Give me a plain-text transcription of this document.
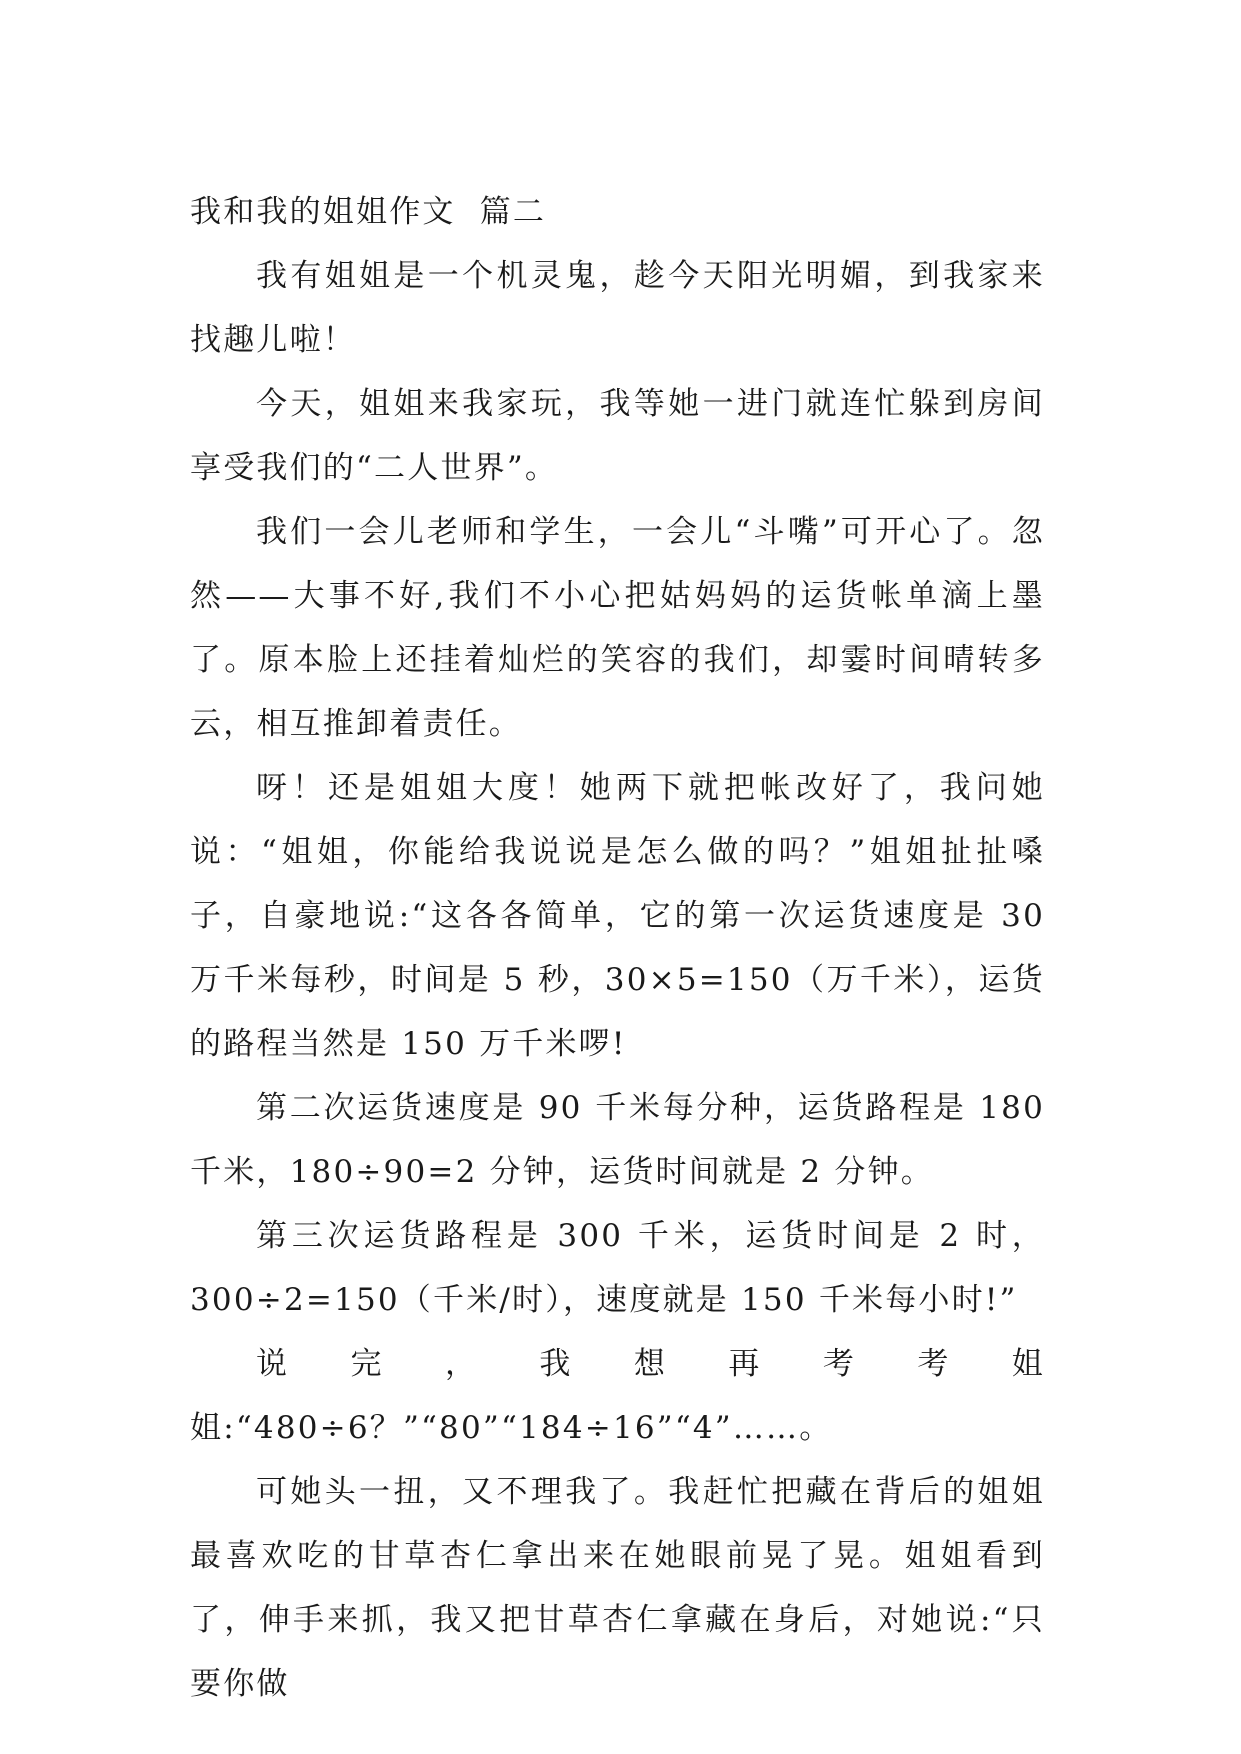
我和我的姐姐作文  篇二

我有姐姐是一个机灵鬼，趁今天阳光明媚，到我家来找趣儿啦！

今天，姐姐来我家玩，我等她一进门就连忙躲到房间享受我们的“二人世界”。

我们一会儿老师和学生，一会儿“斗嘴”可开心了。忽然——大事不好,我们不小心把姑妈妈的运货帐单滴上墨了。原本脸上还挂着灿烂的笑容的我们，却霎时间晴转多云，相互推卸着责任。

呀！还是姐姐大度！她两下就把帐改好了，我问她说：“姐姐，你能给我说说是怎么做的吗？”姐姐扯扯嗓子，自豪地说:“这各各简单，它的第一次运货速度是 30 万千米每秒，时间是 5 秒，30×5=150（万千米），运货的路程当然是 150 万千米啰!

第二次运货速度是 90 千米每分种，运货路程是 180 千米，180÷90=2 分钟，运货时间就是 2 分钟。

第三次运货路程是 300 千米，运货时间是 2 时，300÷2=150（千米/时），速度就是 150 千米每小时!”

说完，我想再考考姐姐:“480÷6？”“80”“184÷16”“4”……。

可她头一扭，又不理我了。我赶忙把藏在背后的姐姐最喜欢吃的甘草杏仁拿出来在她眼前晃了晃。姐姐看到了，伸手来抓，我又把甘草杏仁拿藏在身后，对她说:“只要你做
